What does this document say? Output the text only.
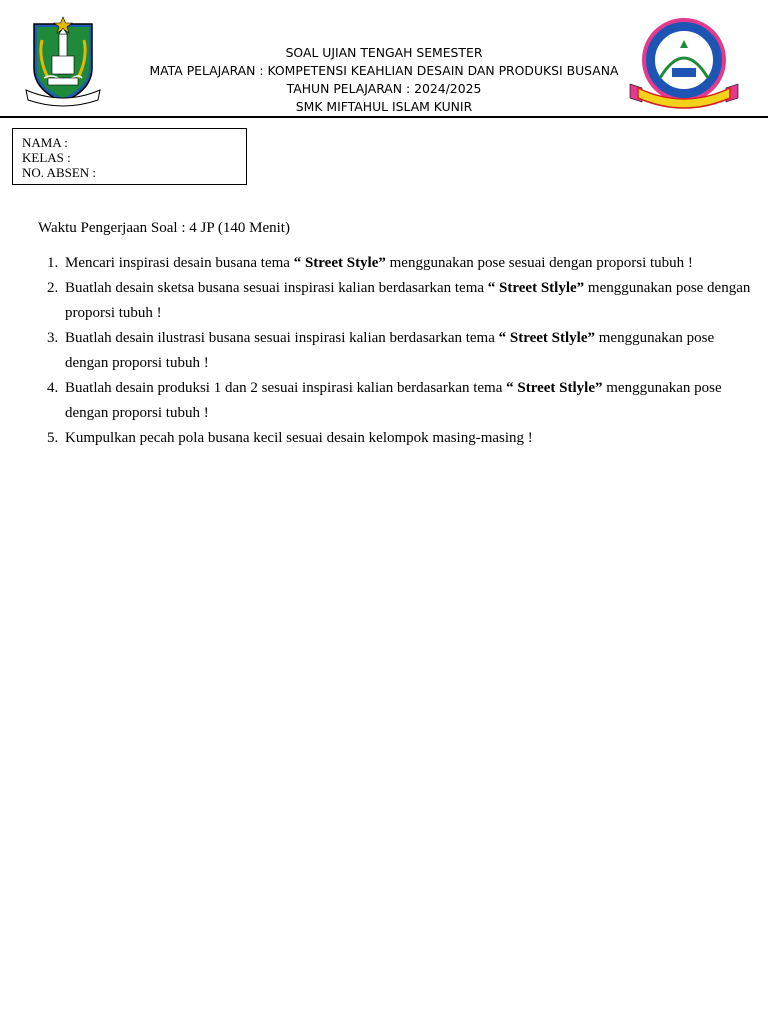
SOAL UJIAN TENGAH SEMESTER
MATA PELAJARAN : KOMPETENSI KEAHLIAN DESAIN DAN PRODUKSI BUSANA
TAHUN PELAJARAN : 2024/2025
SMK MIFTAHUL ISLAM KUNIR
NAMA :
KELAS :
NO. ABSEN :
Waktu Pengerjaan Soal : 4 JP (140 Menit)
1. Mencari inspirasi desain busana tema “ Street Style” menggunakan pose sesuai dengan proporsi tubuh !
2. Buatlah desain sketsa busana sesuai inspirasi kalian berdasarkan tema “ Street Stlyle” menggunakan pose dengan proporsi tubuh !
3. Buatlah desain ilustrasi busana sesuai inspirasi kalian berdasarkan tema “ Street Stlyle” menggunakan pose dengan proporsi tubuh !
4. Buatlah desain produksi 1 dan 2 sesuai inspirasi kalian berdasarkan tema “ Street Stlyle” menggunakan pose dengan proporsi tubuh !
5. Kumpulkan pecah pola busana kecil sesuai desain kelompok masing-masing !
